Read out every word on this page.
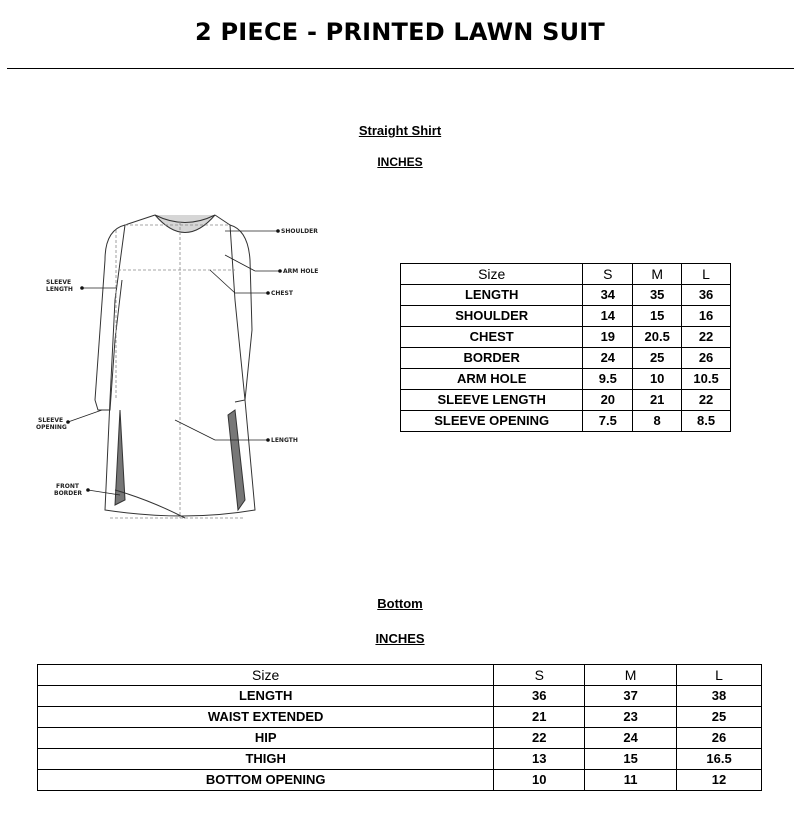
2 PIECE - PRINTED LAWN SUIT
Straight Shirt
INCHES
SHOULDER
ARM HOLE
CHEST
SLEEVE
LENGTH
SLEEVE
OPENING
LENGTH
FRONT
BORDER
Size	S	M	L
LENGTH	34	35	36
SHOULDER	14	15	16
CHEST	19	20.5	22
BORDER	24	25	26
ARM HOLE	9.5	10	10.5
SLEEVE LENGTH	20	21	22
SLEEVE OPENING	7.5	8	8.5
Bottom
INCHES
Size	S	M	L
LENGTH	36	37	38
WAIST EXTENDED	21	23	25
HIP	22	24	26
THIGH	13	15	16.5
BOTTOM OPENING	10	11	12
